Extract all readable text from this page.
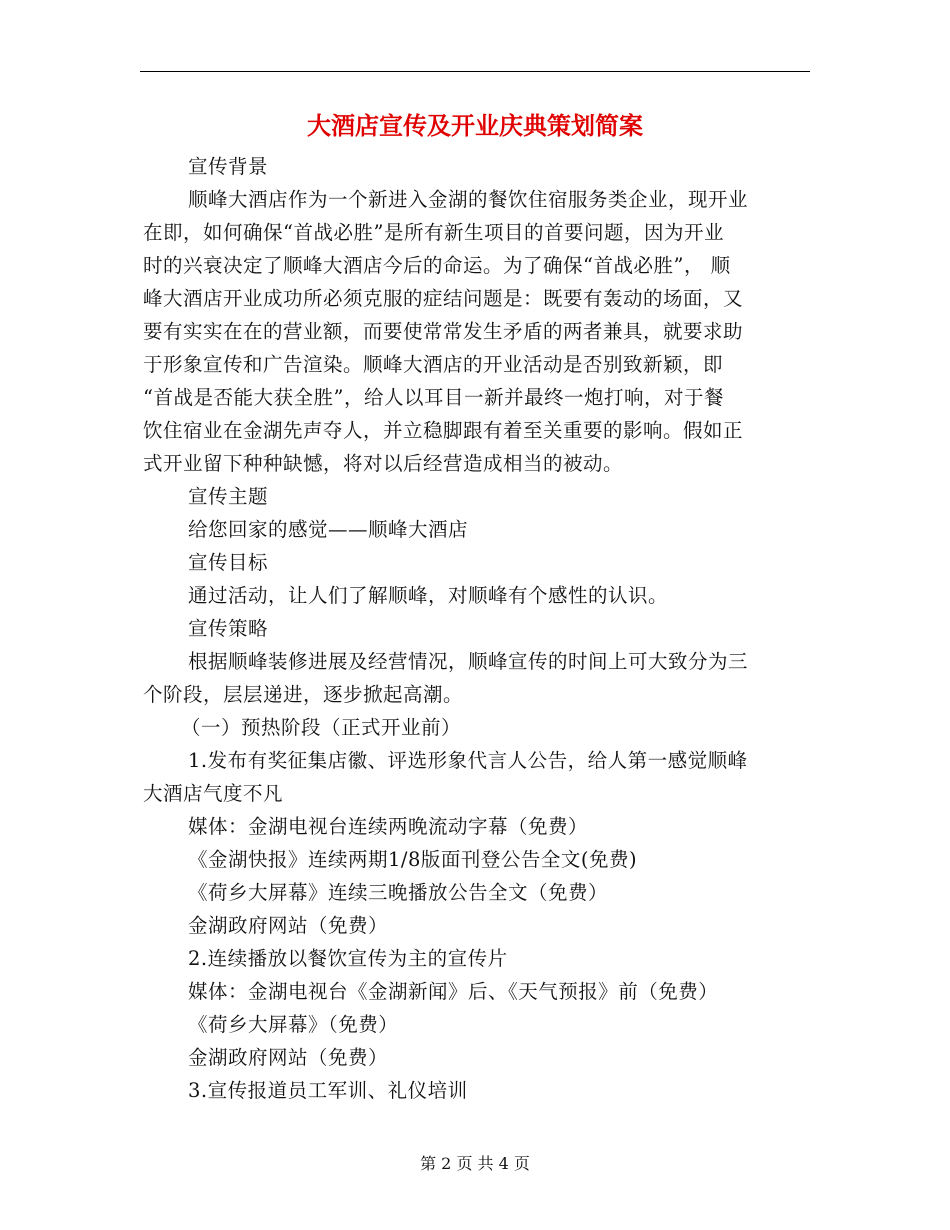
大酒店宣传及开业庆典策划简案
宣传背景
顺峰大酒店作为一个新进入金湖的餐饮住宿服务类企业，现开业
在即，如何确保“首战必胜”是所有新生项目的首要问题，因为开业
时的兴衰决定了顺峰大酒店今后的命运。为了确保“首战必胜”， 顺
峰大酒店开业成功所必须克服的症结问题是：既要有轰动的场面，又
要有实实在在的营业额，而要使常常发生矛盾的两者兼具，就要求助
于形象宣传和广告渲染。顺峰大酒店的开业活动是否别致新颖，即
“首战是否能大获全胜”，给人以耳目一新并最终一炮打响，对于餐
饮住宿业在金湖先声夺人，并立稳脚跟有着至关重要的影响。假如正
式开业留下种种缺憾，将对以后经营造成相当的被动。
宣传主题
给您回家的感觉——顺峰大酒店
宣传目标
通过活动，让人们了解顺峰，对顺峰有个感性的认识。
宣传策略
根据顺峰装修进展及经营情况，顺峰宣传的时间上可大致分为三
个阶段，层层递进，逐步掀起高潮。
（一）预热阶段（正式开业前）
1.发布有奖征集店徽、评选形象代言人公告，给人第一感觉顺峰
大酒店气度不凡
媒体：金湖电视台连续两晚流动字幕（免费）
《金湖快报》连续两期1/8版面刊登公告全文(免费)
《荷乡大屏幕》连续三晚播放公告全文（免费）
金湖政府网站（免费）
2.连续播放以餐饮宣传为主的宣传片
媒体：金湖电视台《金湖新闻》后、《天气预报》前（免费）
《荷乡大屏幕》（免费）
金湖政府网站（免费）
3.宣传报道员工军训、礼仪培训
第 2 页 共 4 页
